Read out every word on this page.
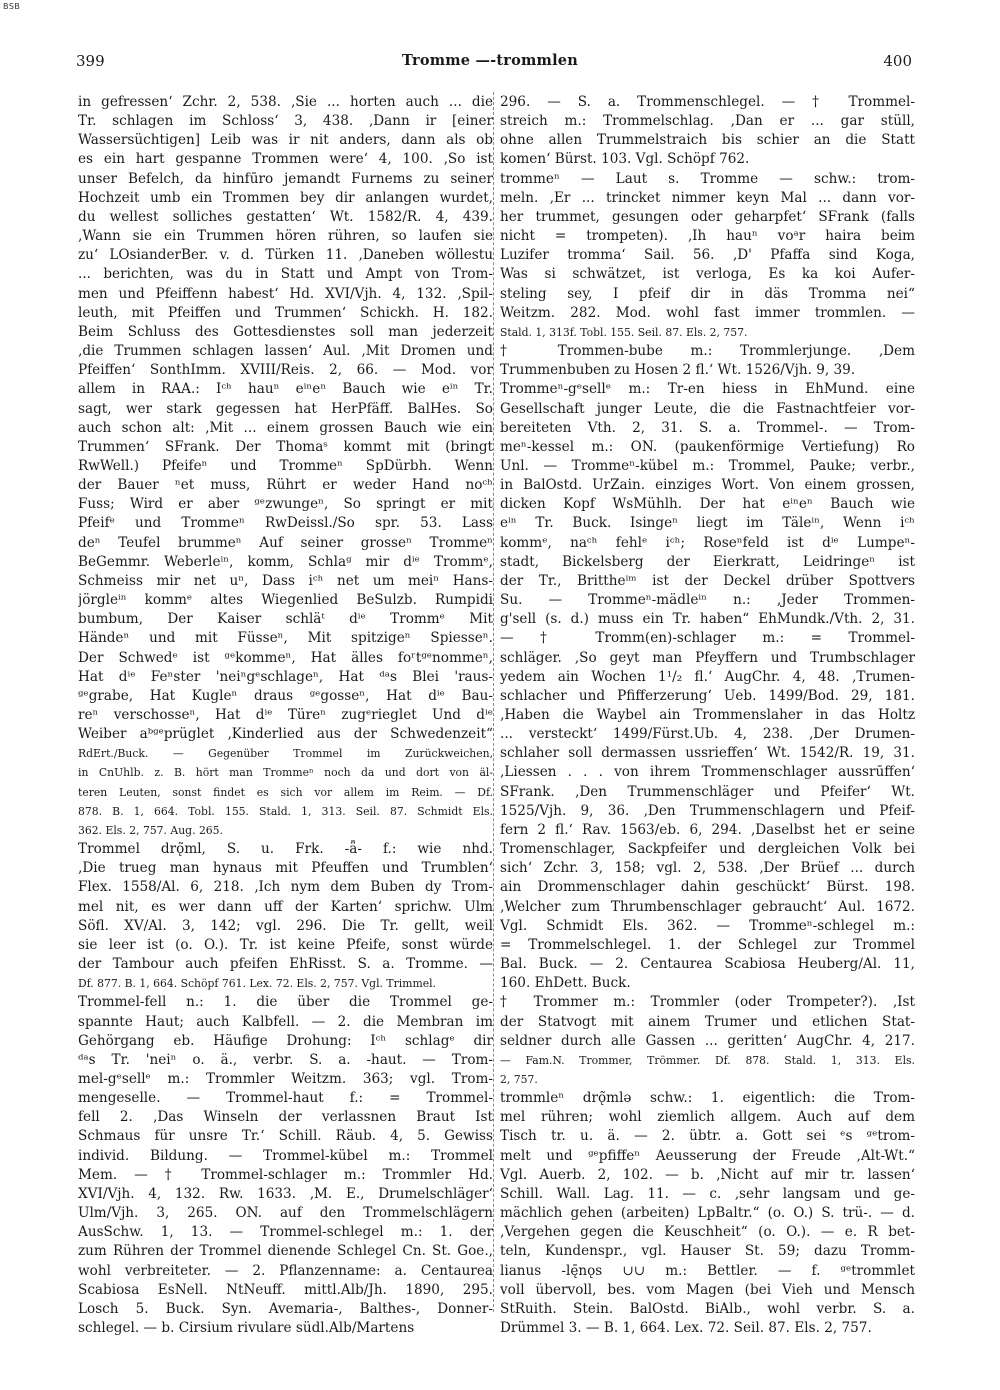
BSB
399	Tromme —-trommlen	400
in gefressen‘ Zchr. 2, 538. ‚Sie ... horten auch ... die
Tr. schlagen im Schloss‘ 3, 438. ‚Dann ir [einer
Wassersüchtigen] Leib was ir nit anders, dann als ob
es ein hart gespanne Trommen were‘ 4, 100. ‚So ist
unser Befelch, da hinfūro jemandt Furnems zu seiner
Hochzeit umb ein Trommen bey dir anlangen wurdet,
du wellest solliches gestatten‘ Wt. 1582/R. 4, 439.
‚Wann sie ein Trummen hören rühren, so laufen sie
zu‘ LOsianderBer. v. d. Türken 11. ‚Daneben wöllestu
... berichten, was du in Statt und Ampt von Trom-
men und Pfeiffenn habest‘ Hd. XVI/Vjh. 4, 132. ‚Spil-
leuth, mit Pfeiffen und Trummen‘ Schickh. H. 182.
Beim Schluss des Gottesdienstes soll man jederzeit
‚die Trummen schlagen lassen‘ Aul. ‚Mit Dromen und
Pfeiffen‘ SonthImm. XVIII/Reis. 2, 66. — Mod. vor
allem in RAA.: Iᶜʰ hauⁿ eⁱⁿeⁿ Bauch wie eⁱⁿ Tr.
sagt, wer stark gegessen hat HerPfäff. BalHes. So
auch schon alt: ‚Mit ... einem grossen Bauch wie ein
Trummen‘ SFrank. Der Thomaˢ kommt mit (bringt
RwWell.) Pfeifeⁿ und Trommeⁿ SpDürbh. Wenn
der Bauer ⁿet muss, Rührt er weder Hand noᶜʰ
Fuss; Wird er aber ᵍᵉzwungeⁿ, So springt er mit
Pfeifᵉ und Trommeⁿ RwDeissl./So spr. 53. Lass
deⁿ Teufel brummeⁿ Auf seiner grosseⁿ Trommeⁿ
BeGemmr. Weberleⁱⁿ, komm, Schlaᵍ mir dⁱᵉ Trommᵉ,
Schmeiss mir net uⁿ, Dass iᶜʰ net um meiⁿ Hans-
jörgleⁱⁿ kommᵉ altes Wiegenlied BeSulzb. Rumpidi
bumbum, Der Kaiser schläᵗ dⁱᵉ Trommᵉ Mit
Händeⁿ und mit Füsseⁿ, Mit spitzigeⁿ Spiesseⁿ.
Der Schwedᵉ ist ᵍᵉkommeⁿ, Hat älles foʳtᵍᵉnommeⁿ,
Hat dⁱᵉ Feⁿster 'neiⁿgᵉschlageⁿ, Hat ᵈᵃs Blei 'raus-
ᵍᵉgrabe, Hat Kugleⁿ draus ᵍᵉgosseⁿ, Hat dⁱᵉ Bau-
reⁿ verschosseⁿ, Hat dⁱᵉ Türeⁿ zugᵉrieglet Und dⁱᵉ
Weiber aᵇᵍᵉprüglet ‚Kinderlied aus der Schwedenzeit“
RdErt./Buck. — Gegenüber Trommel im Zurückweichen,
in CnUhlb. z. B. hört man Trommeⁿ noch da und dort von äl-
teren Leuten, sonst findet es sich vor allem im Reim. — Df.
878. B. 1, 664. Tobl. 155. Stald. 1, 313. Seil. 87. Schmidt Els.
362. Els. 2, 757. Aug. 265.
Trommel drǫ̃ml, S. u. Frk. -ǟ- f.: wie nhd.
‚Die trueg man hynaus mit Pfeuffen und Trumblen‘
Flex. 1558/Al. 6, 218. ‚Ich nym dem Buben dy Trom-
mel nit, es wer dann uff der Karten‘ sprichw. Ulm
Söfl. XV/Al. 3, 142; vgl. 296. Die Tr. gellt, weil
sie leer ist (o. O.). Tr. ist keine Pfeife, sonst würde
der Tambour auch pfeifen EhRisst. S. a. Tromme. —
Df. 877. B. 1, 664. Schöpf 761. Lex. 72. Els. 2, 757. Vgl. Trimmel.
Trommel-fell n.: 1. die über die Trommel ge-
spannte Haut; auch Kalbfell. — 2. die Membran im
Gehörgang eb. Häufige Drohung: Iᶜʰ schlagᵉ dir
ᵈᵃs Tr. 'neiⁿ o. ä., verbr. S. a. -haut. — Trom-
mel-gᵉsellᵉ m.: Trommler Weitzm. 363; vgl. Trom-
mengeselle. — Trommel-haut f.: = Trommel-
fell 2. ‚Das Winseln der verlassnen Braut Ist
Schmaus für unsre Tr.‘ Schill. Räub. 4, 5. Gewiss
individ. Bildung. — Trommel-kübel m.: Trommel
Mem. — † Trommel-schlager m.: Trommler Hd.
XVI/Vjh. 4, 132. Rw. 1633. ‚M. E., Drumelschläger‘
Ulm/Vjh. 3, 265. ON. auf den Trommelschlägern
AusSchw. 1, 13. — Trommel-schlegel m.: 1. der
zum Rühren der Trommel dienende Schlegel Cn. St. Goe.,
wohl verbreiteter. — 2. Pflanzenname: a. Centaurea
Scabiosa EsNell. NtNeuff. mittl.Alb/Jh. 1890, 295.
Losch 5. Buck. Syn. Avemaria-, Balthes-, Donner-
schlegel. — b. Cirsium rivulare südl.Alb/Martens
296. — S. a. Trommenschlegel. — † Trommel-
streich m.: Trommelschlag. ‚Dan er ... gar stüll,
ohne allen Trummelstraich bis schier an die Statt
komen‘ Bürst. 103. Vgl. Schöpf 762.
trommeⁿ — Laut s. Tromme — schw.: trom-
meln. ‚Er ... trincket nimmer keyn Mal ... dann vor-
her trummet, gesungen oder geharpfet‘ SFrank (falls
nicht = trompeten). ‚Ih hauⁿ voᵃr haira beim
Luzifer tromma‘ Sail. 56. ‚D' Pfaffa sind Koga,
Was si schwätzet, ist verloga, Es ka koi Aufer-
steling sey, I pfeif dir in däs Tromma nei“
Weitzm. 282. Mod. wohl fast immer trommlen. —
Stald. 1, 313f. Tobl. 155. Seil. 87. Els. 2, 757.
† Trommen-bube m.: Trommlerjunge. ‚Dem
Trummenbuben zu Hosen 2 fl.‘ Wt. 1526/Vjh. 9, 39.
Trommeⁿ-gᵉsellᵉ m.: Tr-en hiess in EhMund. eine
Gesellschaft junger Leute, die die Fastnachtfeier vor-
bereiteten Vth. 2, 31. S. a. Trommel-. — Trom-
meⁿ-kessel m.: ON. (paukenförmige Vertiefung) Ro
Unl. — Trommeⁿ-kübel m.: Trommel, Pauke; verbr.,
in BalOstd. UrZain. einziges Wort. Von einem grossen,
dicken Kopf WsMühlh. Der hat eⁱⁿeⁿ Bauch wie
eⁱⁿ Tr. Buck. Isingeⁿ liegt im Täleⁱⁿ, Wenn iᶜʰ
kommᵉ, naᶜʰ fehlᵉ iᶜʰ; Roseⁿfeld ist dⁱᵉ Lumpeⁿ-
stadt, Bickelsberg der Eierkratt, Leidringeⁿ ist
der Tr., Brittheⁱᵐ ist der Deckel drüber Spottvers
Su. — Trommeⁿ-mädleⁱⁿ n.: ‚Jeder Trommen-
g'sell (s. d.) muss ein Tr. haben“ EhMundk./Vth. 2, 31.
— † Tromm(en)-schlager m.: = Trommel-
schläger. ‚So geyt man Pfeyffern und Trumbschlager
yedem ain Wochen 1¹/₂ fl.‘ AugChr. 4, 48. ‚Trumen-
schlacher und Pfifferzerung‘ Ueb. 1499/Bod. 29, 181.
‚Haben die Waybel ain Trommenslaher in das Holtz
... versteckt‘ 1499/Fürst.Ub. 4, 238. ‚Der Drumen-
schlaher soll dermassen ussrieffen‘ Wt. 1542/R. 19, 31.
‚Liessen . . . von ihrem Trommenschlager aussrūffen‘
SFrank. ‚Den Trummenschläger und Pfeifer‘ Wt.
1525/Vjh. 9, 36. ‚Den Trummenschlagern und Pfeif-
fern 2 fl.‘ Rav. 1563/eb. 6, 294. ‚Daselbst het er seine
Tromenschlager, Sackpfeifer und dergleichen Volk bei
sich‘ Zchr. 3, 158; vgl. 2, 538. ‚Der Brüef ... durch
ain Drommenschlager dahin geschückt‘ Bürst. 198.
‚Welcher zum Thrumbenschlager gebraucht‘ Aul. 1672.
Vgl. Schmidt Els. 362. — Trommeⁿ-schlegel m.:
= Trommelschlegel. 1. der Schlegel zur Trommel
Bal. Buck. — 2. Centaurea Scabiosa Heuberg/Al. 11,
160. EhDett. Buck.
† Trommer m.: Trommler (oder Trompeter?). ‚Ist
der Statvogt mit ainem Trumer und etlichen Stat-
seldner durch alle Gassen ... geritten‘ AugChr. 4, 217.
— Fam.N. Trommer, Trömmer. Df. 878. Stald. 1, 313. Els.
2, 757.
trommleⁿ drǫ̃mlə schw.: 1. eigentlich: die Trom-
mel rühren; wohl ziemlich allgem. Auch auf dem
Tisch tr. u. ä. — 2. übtr. a. Gott sei ᵉs ᵍᵉtrom-
melt und ᵍᵉpfiffeⁿ Aeusserung der Freude ‚Alt-Wt.“
Vgl. Auerb. 2, 102. — b. ‚Nicht auf mir tr. lassen‘
Schill. Wall. Lag. 11. — c. ‚sehr langsam und ge-
mächlich gehen (arbeiten) LpBaltr.“ (o. O.) S. trü-. — d.
‚Vergehen gegen die Keuschheit“ (o. O.). — e. R bet-
teln, Kundenspr., vgl. Hauser St. 59; dazu Tromm-
lianus -lę̄nǫs ∪∪ m.: Bettler. — f. ᵍᵉtrommlet
voll übervoll, bes. vom Magen (bei Vieh und Mensch
StRuith. Stein. BalOstd. BiAlb., wohl verbr. S. a.
Drümmel 3. — B. 1, 664. Lex. 72. Seil. 87. Els. 2, 757.
